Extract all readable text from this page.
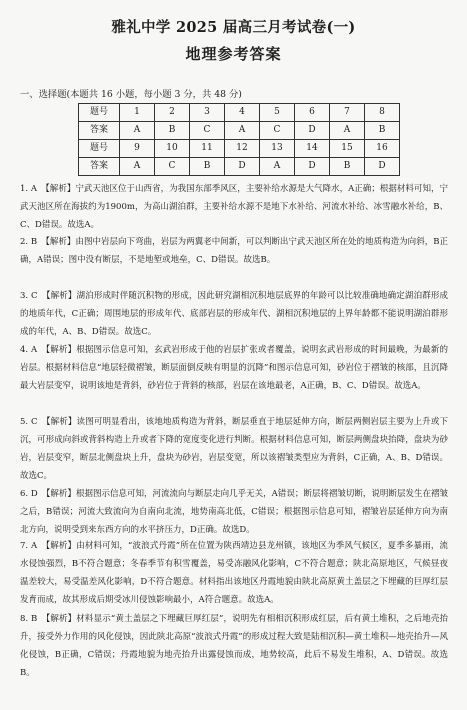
雅礼中学 2025 届高三月考试卷(一)
地理参考答案
一、选择题(本题共 16 小题，每小题 3 分，共 48 分)
题号	1	2	3	4	5	6	7	8
答案	A	B	C	A	C	D	A	B
题号	9	10	11	12	13	14	15	16
答案	A	C	B	D	A	D	B	D

1. A　【解析】宁武天池区位于山西省，为我国东部季风区，主要补给水源是大气降水，A正确；根据材料可知，宁武天池区所在海拔约为1900m，为高山湖泊群，主要补给水源不是地下水补给、河流水补给、冰雪融水补给，B、C、D错误。故选A。

2. B　【解析】由图中岩层向下弯曲，岩层为两翼老中间新，可以判断出宁武天池区所在处的地质构造为向斜，B正确，A错误；图中没有断层，不是地堑或地垒，C、D错误。故选B。

3. C　【解析】湖泊形成时伴随沉积物的形成，因此研究湖相沉积地层底界的年龄可以比较准确地确定湖泊群形成的地质年代，C正确；周围地层的形成年代、底部岩层的形成年代、湖相沉积地层的上界年龄都不能说明湖泊群形成的年代，A、B、D错误。故选C。

4. A　【解析】根据图示信息可知，玄武岩形成于他的岩层扩张或者覆盖，说明玄武岩形成的时间最晚，为最新的岩层。根据材料信息“地层轻微褶皱，断层面倒反映有明显的沉降”和图示信息可知，砂岩位于褶皱的核部，且沉降最大岩层变窄，说明该地是背斜，砂岩位于背斜的核部，岩层在该地最老，A正确，B、C、D错误。故选A。

5. C　【解析】读图可明显看出，该地地质构造为背斜，断层垂直于地层延伸方向，断层两侧岩层主要为上升或下沉，可形成向斜或背斜构造上升或者下降的宽度变化进行判断。根据材料信息可知，断层两侧盘块抬降，盘块为砂岩，岩层变窄，断层北侧盘块上升，盘块为砂岩，岩层变宽，所以该褶皱类型应为背斜，C正确，A、B、D错误。故选C。

6. D　【解析】根据图示信息可知，河流流向与断层走向几乎无关，A错误；断层将褶皱切断，说明断层发生在褶皱之后，B错误；河流大致流向为自南向北流，地势南高北低，C错误；根据图示信息可知，褶皱岩层延伸方向为南北方向，说明受到来东西方向的水平挤压力，D正确。故选D。

7. A　【解析】由材料可知，“波浪式丹霞”所在位置为陕西靖边县龙州镇，该地区为季风气候区，夏季多暴雨，流水侵蚀强烈，B不符合题意；冬春季节有积雪覆盖，易受冻融风化影响，C不符合题意；陕北高原地区，气候昼夜温差较大，易受温差风化影响，D不符合题意。材料指出该地区丹霞地貌由陕北高原黄土盖层之下埋藏的巨厚红层发育而成，故其形成后期受冰川侵蚀影响最小，A符合题意。故选A。

8. B　【解析】材料显示“黄土盖层之下埋藏巨厚红层”，说明先有相相沉积形成红层，后有黄土堆积，之后地壳抬升，接受外力作用的风化侵蚀，因此陕北高原“波浪式丹霞”的形成过程大致是陆相沉积—黄土堆积—地壳抬升—风化侵蚀，B正确，C错误；丹霞地貌为地壳抬升出露侵蚀而成，地势较高，此后不易发生堆积，A、D错误。故选B。
